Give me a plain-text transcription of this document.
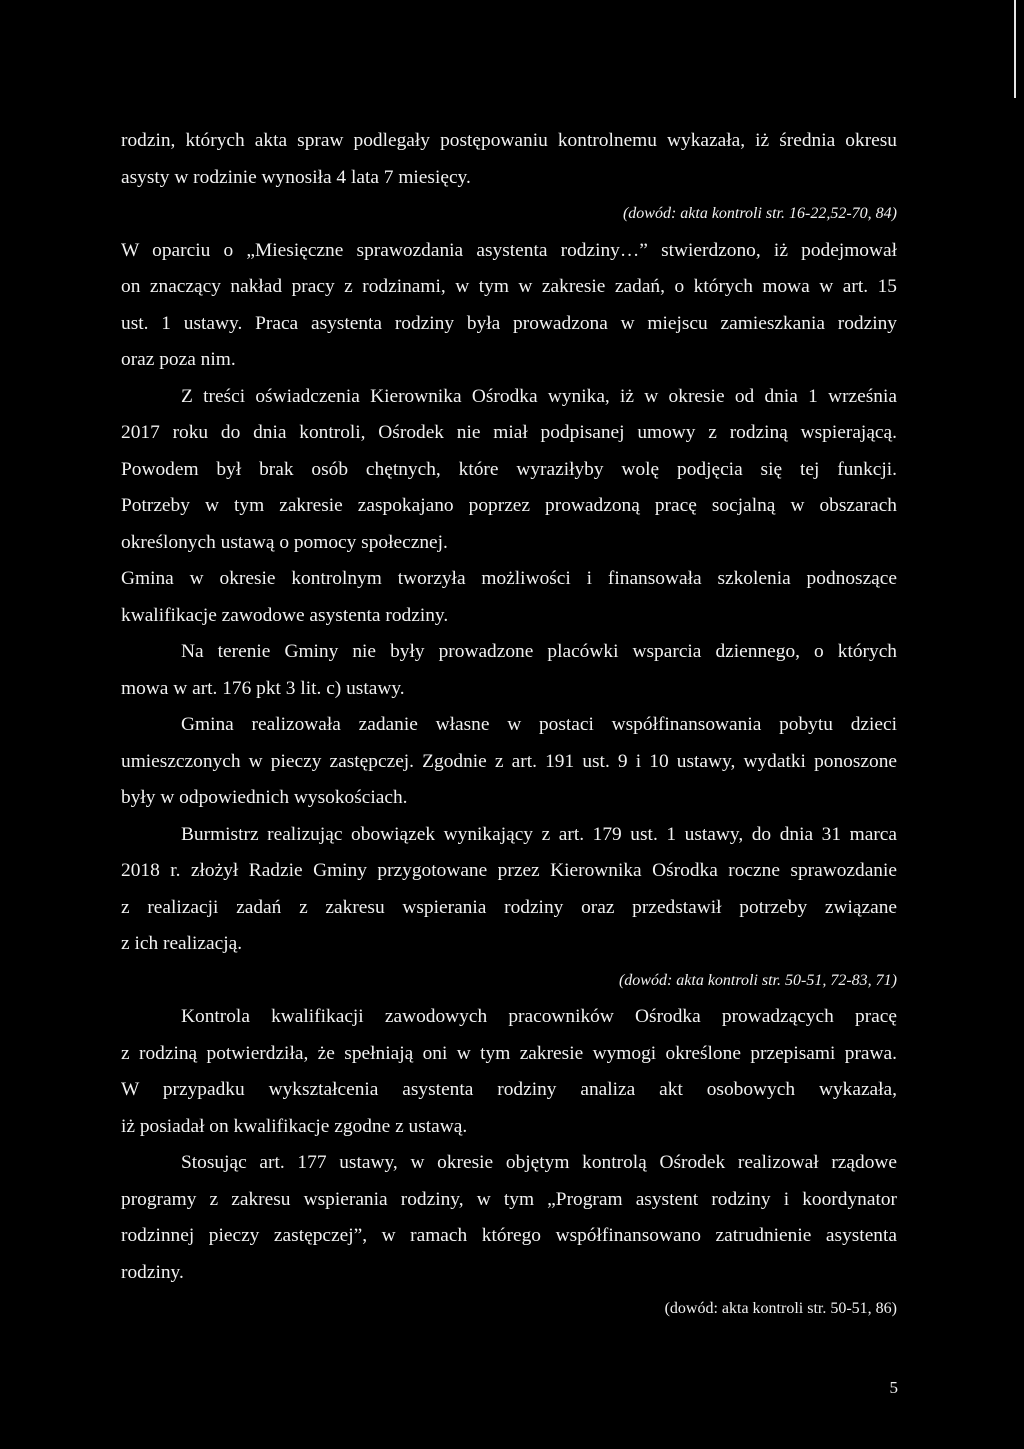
rodzin, których akta spraw podlegały postępowaniu kontrolnemu wykazała, iż średnia okresu
asysty w rodzinie wynosiła 4 lata 7 miesięcy.
(dowód: akta kontroli str. 16-22,52-70, 84)
W oparciu o „Miesięczne sprawozdania asystenta rodziny…” stwierdzono, iż podejmował
on znaczący nakład pracy z rodzinami, w tym w zakresie zadań, o których mowa w art. 15
ust. 1 ustawy. Praca asystenta rodziny była prowadzona w miejscu zamieszkania rodziny
oraz poza nim.
Z treści oświadczenia Kierownika Ośrodka wynika, iż w okresie od dnia 1 września
2017 roku do dnia kontroli, Ośrodek nie miał podpisanej umowy z rodziną wspierającą.
Powodem był brak osób chętnych, które wyraziłyby wolę podjęcia się tej funkcji.
Potrzeby w tym zakresie zaspokajano poprzez prowadzoną pracę socjalną w obszarach
określonych ustawą o pomocy społecznej.
Gmina w okresie kontrolnym tworzyła możliwości i finansowała szkolenia podnoszące
kwalifikacje zawodowe asystenta rodziny.
Na terenie Gminy nie były prowadzone placówki wsparcia dziennego, o których
mowa w art. 176 pkt 3 lit. c) ustawy.
Gmina realizowała zadanie własne w postaci współfinansowania pobytu dzieci
umieszczonych w pieczy zastępczej. Zgodnie z art. 191 ust. 9 i 10 ustawy, wydatki ponoszone
były w odpowiednich wysokościach.
Burmistrz realizując obowiązek wynikający z art. 179 ust. 1 ustawy, do dnia 31 marca
2018 r. złożył Radzie Gminy przygotowane przez Kierownika Ośrodka roczne sprawozdanie
z realizacji zadań z zakresu wspierania rodziny oraz przedstawił potrzeby związane
z ich realizacją.
(dowód: akta kontroli str. 50-51, 72-83, 71)
Kontrola kwalifikacji zawodowych pracowników Ośrodka prowadzących pracę
z rodziną potwierdziła, że spełniają oni w tym zakresie wymogi określone przepisami prawa.
W przypadku wykształcenia asystenta rodziny analiza akt osobowych wykazała,
iż posiadał on kwalifikacje zgodne z ustawą.
Stosując art. 177 ustawy, w okresie objętym kontrolą Ośrodek realizował rządowe
programy z zakresu wspierania rodziny, w tym „Program asystent rodziny i koordynator
rodzinnej pieczy zastępczej”, w ramach którego współfinansowano zatrudnienie asystenta
rodziny.
(dowód: akta kontroli str. 50-51, 86)
5
